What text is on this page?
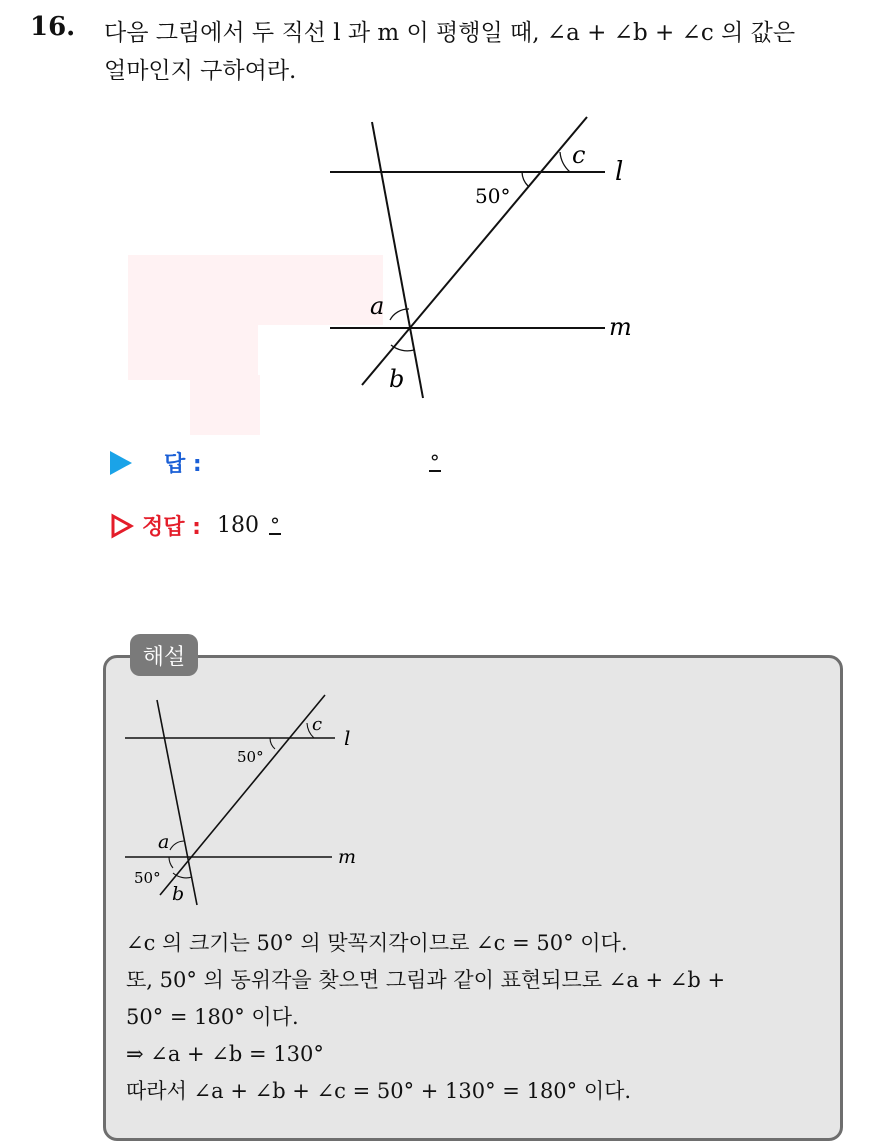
16. 다음 그림에서 두 직선 l 과 m 이 평행일 때, ∠a + ∠b + ∠c 의 값은
얼마인지 구하여라.
c
l
50°
a
m
b
답 :	°
정답 : 180 °
해설
c
l
50°
a
m
50°
b
∠c 의 크기는 50° 의 맞꼭지각이므로 ∠c = 50° 이다.
또, 50° 의 동위각을 찾으면 그림과 같이 표현되므로 ∠a + ∠b +
50° = 180° 이다.
⇒ ∠a + ∠b = 130°
따라서 ∠a + ∠b + ∠c = 50° + 130° = 180° 이다.
